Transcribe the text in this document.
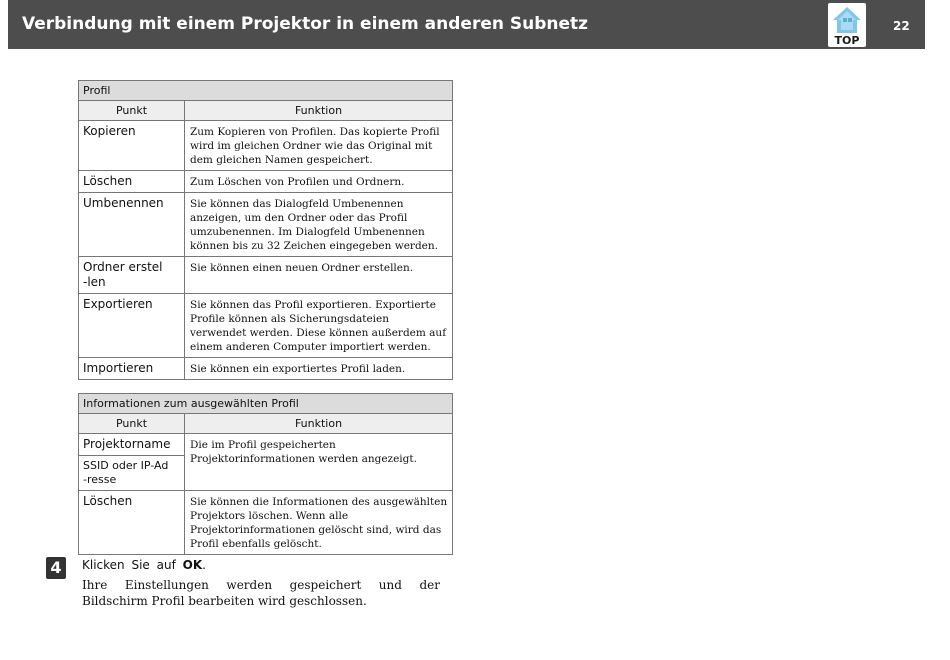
Verbindung mit einem Projektor in einem anderen Subnetz
TOP
22
Profil	
Punkt	Funktion
Kopieren	Zum Kopieren von Profilen. Das kopierte Profil wird im gleichen Ordner wie das Original mit dem gleichen Namen gespeichert.
Löschen	Zum Löschen von Profilen und Ordnern.
Umbenennen	Sie können das Dialogfeld Umbenennen anzeigen, um den Ordner oder das Profil umzubenennen. Im Dialogfeld Umbenennen können bis zu 32 Zeichen eingegeben werden.

Ordner erstel-len	Sie können einen neuen Ordner erstellen.
Exportieren	Sie können das Profil exportieren. Exportierte Profile können als Sicherungsdateien verwendet werden. Diese können außerdem auf einem anderen Computer importiert werden.
Importieren	Sie können ein exportiertes Profil laden.
Informationen zum ausgewählten Profil	
Punkt	Funktion
Projektorname	Die im Profil gespeicherten Projektorinformationen werden angezeigt.

SSID oder IP-Ad-resse	

Löschen	Sie können die Informationen des ausgewählten Projektors löschen. Wenn alle Projektorinformationen gelöscht sind, wird das Profil ebenfalls gelöscht.
4	Klicken Sie auf OK.
Ihre Einstellungen werden gespeichert und der Bildschirm Profil bearbeiten wird geschlossen.
